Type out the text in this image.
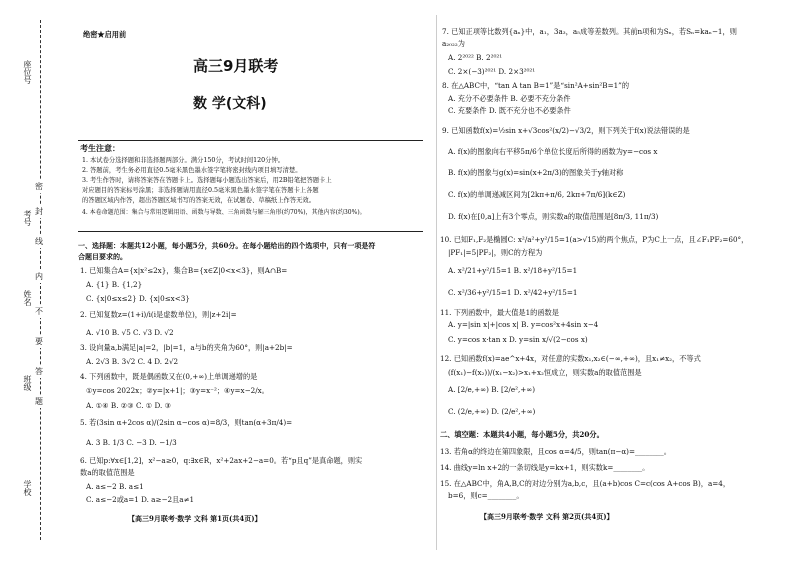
座位号
考号
姓名
班级
学校
密
封
线
内
不
要
答
题
绝密★启用前
高三9月联考
数 学(文科)
考生注意：
1. 本试卷分选择题和非选择题两部分。满分150分，考试时间120分钟。
2. 答题前，考生务必用直径0.5毫米黑色墨水签字笔将密封线内项目填写清楚。
3. 考生作答时，请将答案答在答题卡上。选择题每小题选出答案后，用2B铅笔把答题卡上
对应题目的答案标号涂黑；非选择题请用直径0.5毫米黑色墨水签字笔在答题卡上各题
的答题区域内作答，超出答题区域书写的答案无效，在试题卷、草稿纸上作答无效。
4. 本卷命题范围：集合与常用逻辑用语、函数与导数、三角函数与解三角形(约70%)，其他内容(约30%)。
一、选择题：本题共12小题，每小题5分，共60分。在每小题给出的四个选项中，只有一项是符
合题目要求的。
1. 已知集合A={x|x²≤2x}，集合B={x∈Z|0<x<3}，则A∩B=
A. {1} B. {1,2}
C. {x|0≤x≤2} D. {x|0≤x<3}
2. 已知复数z=(1+i)/i(i是虚数单位)，则|z+2i|=
A. √10 B. √5 C. √3 D. √2
3. 设向量a,b满足|a|=2，|b|=1，a与b的夹角为60°，则|a+2b|=
A. 2√3 B. 3√2 C. 4 D. 2√2
4. 下列函数中，既是偶函数又在(0,+∞)上单调递增的是
①y=cos 2022x；②y=|x+1|；③y=x⁻²；④y=x−2/x。
A. ①④ B. ②③ C. ① D. ③
5. 若(3sin α+2cos α)/(2sin α−cos α)=8/3，则tan(α+3π/4)=
A. 3 B. 1/3 C. −3 D. −1/3
6. 已知p:∀x∈[1,2]，x²−a≥0，q:∃x∈R，x²+2ax+2−a=0。若“p且q”是真命题，则实
数a的取值范围是
A. a≤−2 B. a≤1
C. a≤−2或a=1 D. a≥−2且a≠1
【高三9月联考·数学 文科 第1页(共4页)】
7. 已知正项等比数列{aₙ}中，a₁，3a₃，a₅成等差数列。其前n项和为Sₙ，若Sₙ=kaₙ−1，则
a₂₀₂₂为
A. 2²⁰²² B. 2²⁰²¹
C. 2×(−3)²⁰²¹ D. 2×3²⁰²¹
8. 在△ABC中，“tan A tan B=1”是“sin²A+sin²B=1”的
A. 充分不必要条件 B. 必要不充分条件
C. 充要条件 D. 既不充分也不必要条件
9. 已知函数f(x)=½sin x+√3cos²(x/2)−√3/2，则下列关于f(x)说法错误的是
A. f(x)的图象向右平移5π/6个单位长度后所得的函数为y=−cos x
B. f(x)的图象与g(x)=sin(x+2π/3)的图象关于y轴对称
C. f(x)的单调递减区间为[2kπ+π/6, 2kπ+7π/6](k∈Z)
D. f(x)在[0,a]上有3个零点，则实数a的取值范围是[8π/3, 11π/3)
10. 已知F₁,F₂是椭圆C: x²/a²+y²/15=1(a>√15)的两个焦点，P为C上一点，且∠F₁PF₂=60°，
|PF₁|=5|PF₂|，则C的方程为
A. x²/21+y²/15=1 B. x²/18+y²/15=1
C. x²/36+y²/15=1 D. x²/42+y²/15=1
11. 下列函数中，最大值是1的函数是
A. y=|sin x|+|cos x| B. y=cos²x+4sin x−4
C. y=cos x·tan x D. y=sin x/√(2−cos x)
12. 已知函数f(x)=ae^x+4x，对任意的实数x₁,x₂∈(−∞,+∞)，且x₁≠x₂，不等式
(f(x₁)−f(x₂))/(x₁−x₂)>x₁+x₂恒成立，则实数a的取值范围是
A. [2/e,+∞) B. [2/e²,+∞)
C. (2/e,+∞) D. (2/e²,+∞)
二、填空题：本题共4小题，每小题5分，共20分。
13. 若角α的终边在第四象限，且cos α=4/5，则tan(π−α)=________。
14. 曲线y=ln x+2的一条切线是y=kx+1，则实数k=________。
15. 在△ABC中，角A,B,C的对边分别为a,b,c，且(a+b)cos C=c(cos A+cos B)，a=4，
b=6，则c=________。
【高三9月联考·数学 文科 第2页(共4页)】
